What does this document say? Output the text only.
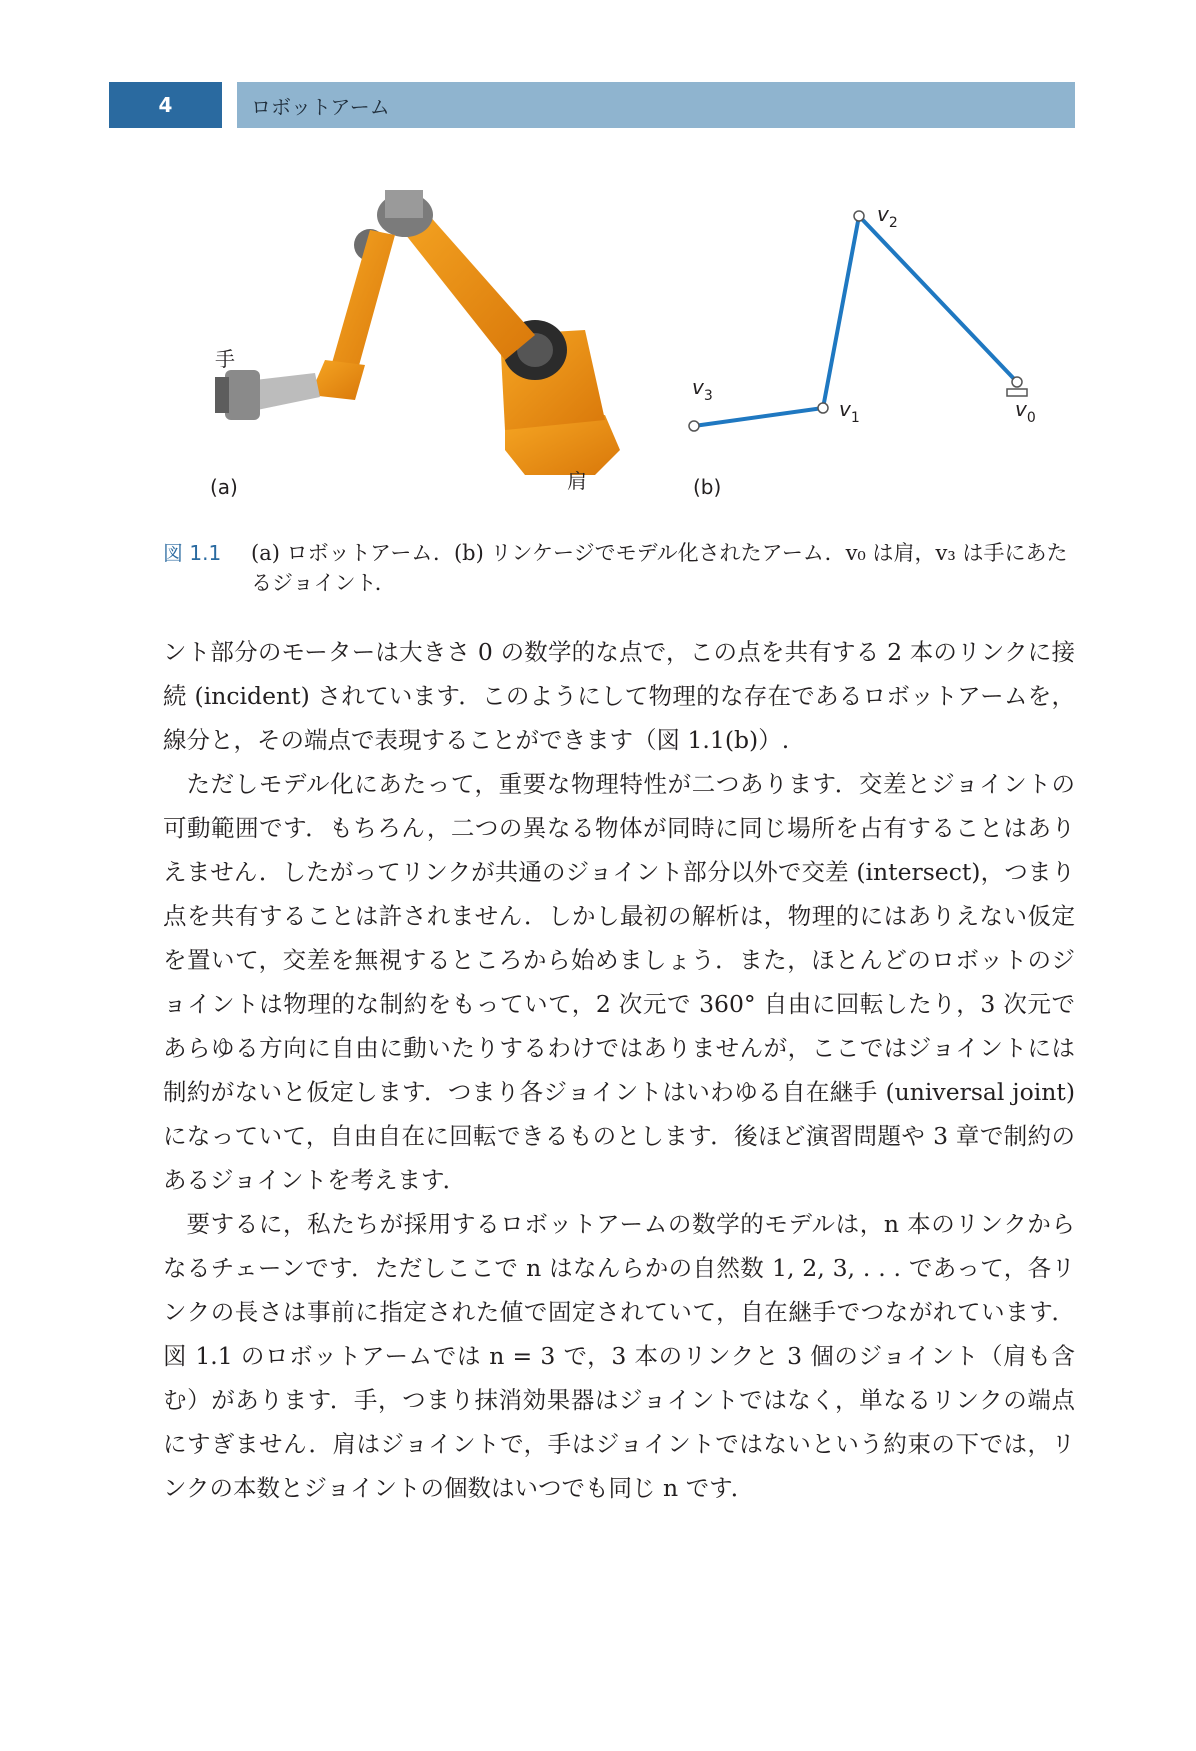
4	ロボットアーム
手
肩
(a)
$v_2$
$v_3$
$v_1$	$v_0$
(b)
図 1.1 (a) ロボットアーム．(b) リンケージでモデル化されたアーム．v₀ は肩，v₃ は手にあたるジョイント．

ント部分のモーターは大きさ 0 の数学的な点で，この点を共有する 2 本のリンクに接続 (incident) されています．このようにして物理的な存在であるロボットアームを，線分と，その端点で表現することができます（図 1.1(b)）.

ただしモデル化にあたって，重要な物理特性が二つあります．交差とジョイントの可動範囲です．もちろん，二つの異なる物体が同時に同じ場所を占有することはありえません．したがってリンクが共通のジョイント部分以外で交差 (intersect)，つまり点を共有することは許されません．しかし最初の解析は，物理的にはありえない仮定を置いて，交差を無視するところから始めましょう．また，ほとんどのロボットのジョイントは物理的な制約をもっていて，2 次元で 360° 自由に回転したり，3 次元であらゆる方向に自由に動いたりするわけではありませんが，ここではジョイントには制約がないと仮定します．つまり各ジョイントはいわゆる自在継手 (universal joint) になっていて，自由自在に回転できるものとします．後ほど演習問題や 3 章で制約のあるジョイントを考えます．

要するに，私たちが採用するロボットアームの数学的モデルは，n 本のリンクからなるチェーンです．ただしここで n はなんらかの自然数 1, 2, 3, . . . であって，各リンクの長さは事前に指定された値で固定されていて，自在継手でつながれています．図 1.1 のロボットアームでは n = 3 で，3 本のリンクと 3 個のジョイント（肩も含む）があります．手，つまり抹消効果器はジョイントではなく，単なるリンクの端点にすぎません．肩はジョイントで，手はジョイントではないという約束の下では，リンクの本数とジョイントの個数はいつでも同じ n です．
